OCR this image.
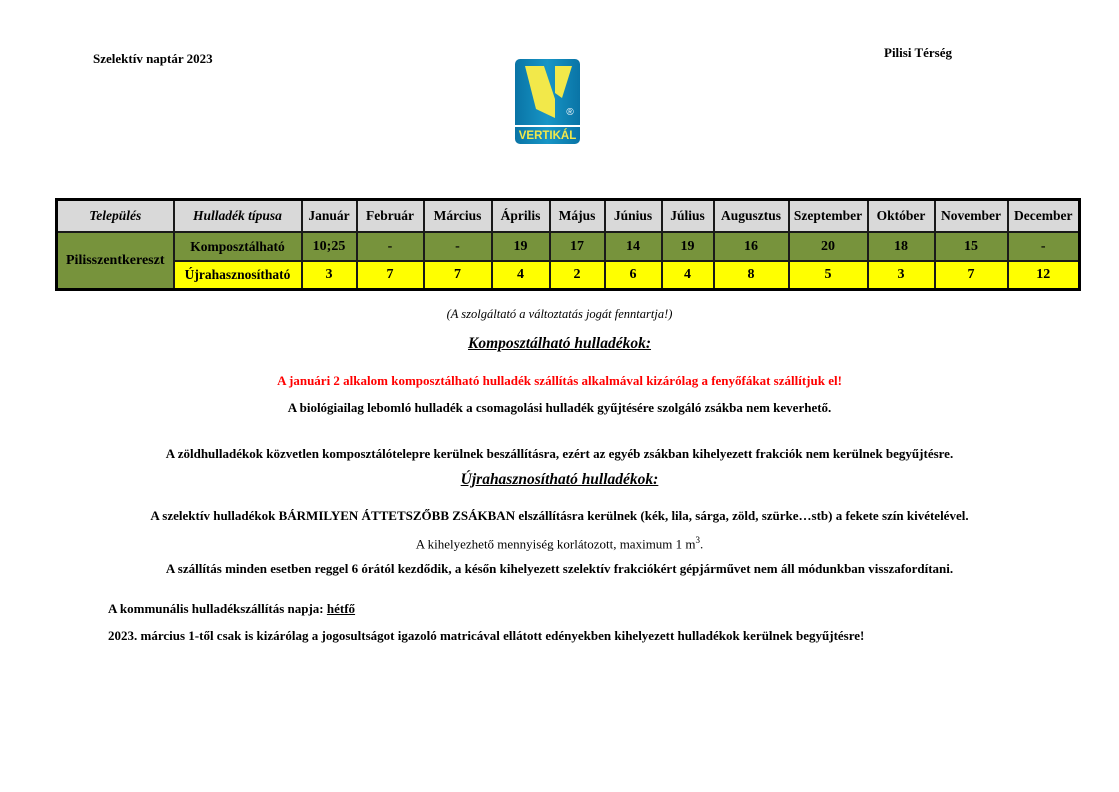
Szelektív naptár 2023	Pilisi Térség
®
VERTIKÁL
Település	Hulladék típusa	Január	Február	Március	Április	Május	Június	Július	Augusztus	Szeptember	Október	November	December
Pilisszentkereszt	Komposztálható	10;25	-	-	19	17	14	19	16	20	18	15	-
	Újrahasznosítható	3	7	7	4	2	6	4	8	5	3	7	12
(A szolgáltató a változtatás jogát fenntartja!)
Komposztálható hulladékok:
A januári 2 alkalom komposztálható hulladék szállítás alkalmával kizárólag a fenyőfákat szállítjuk el!
A biológiailag lebomló hulladék a csomagolási hulladék gyűjtésére szolgáló zsákba nem keverhető.
A zöldhulladékok közvetlen komposztálótelepre kerülnek beszállításra, ezért az egyéb zsákban kihelyezett frakciók nem kerülnek begyűjtésre.
Újrahasznosítható hulladékok:
A szelektív hulladékok BÁRMILYEN ÁTTETSZŐBB ZSÁKBAN elszállításra kerülnek (kék, lila, sárga, zöld, szürke…stb) a fekete szín kivételével.
A kihelyezhető mennyiség korlátozott, maximum 1 $m^3$.
A szállítás minden esetben reggel 6 órától kezdődik, a későn kihelyezett szelektív frakciókért gépjárművet nem áll módunkban visszafordítani.
A kommunális hulladékszállítás napja: hétfő
2023. március 1-től csak is kizárólag a jogosultságot igazoló matricával ellátott edényekben kihelyezett hulladékok kerülnek begyűjtésre!
